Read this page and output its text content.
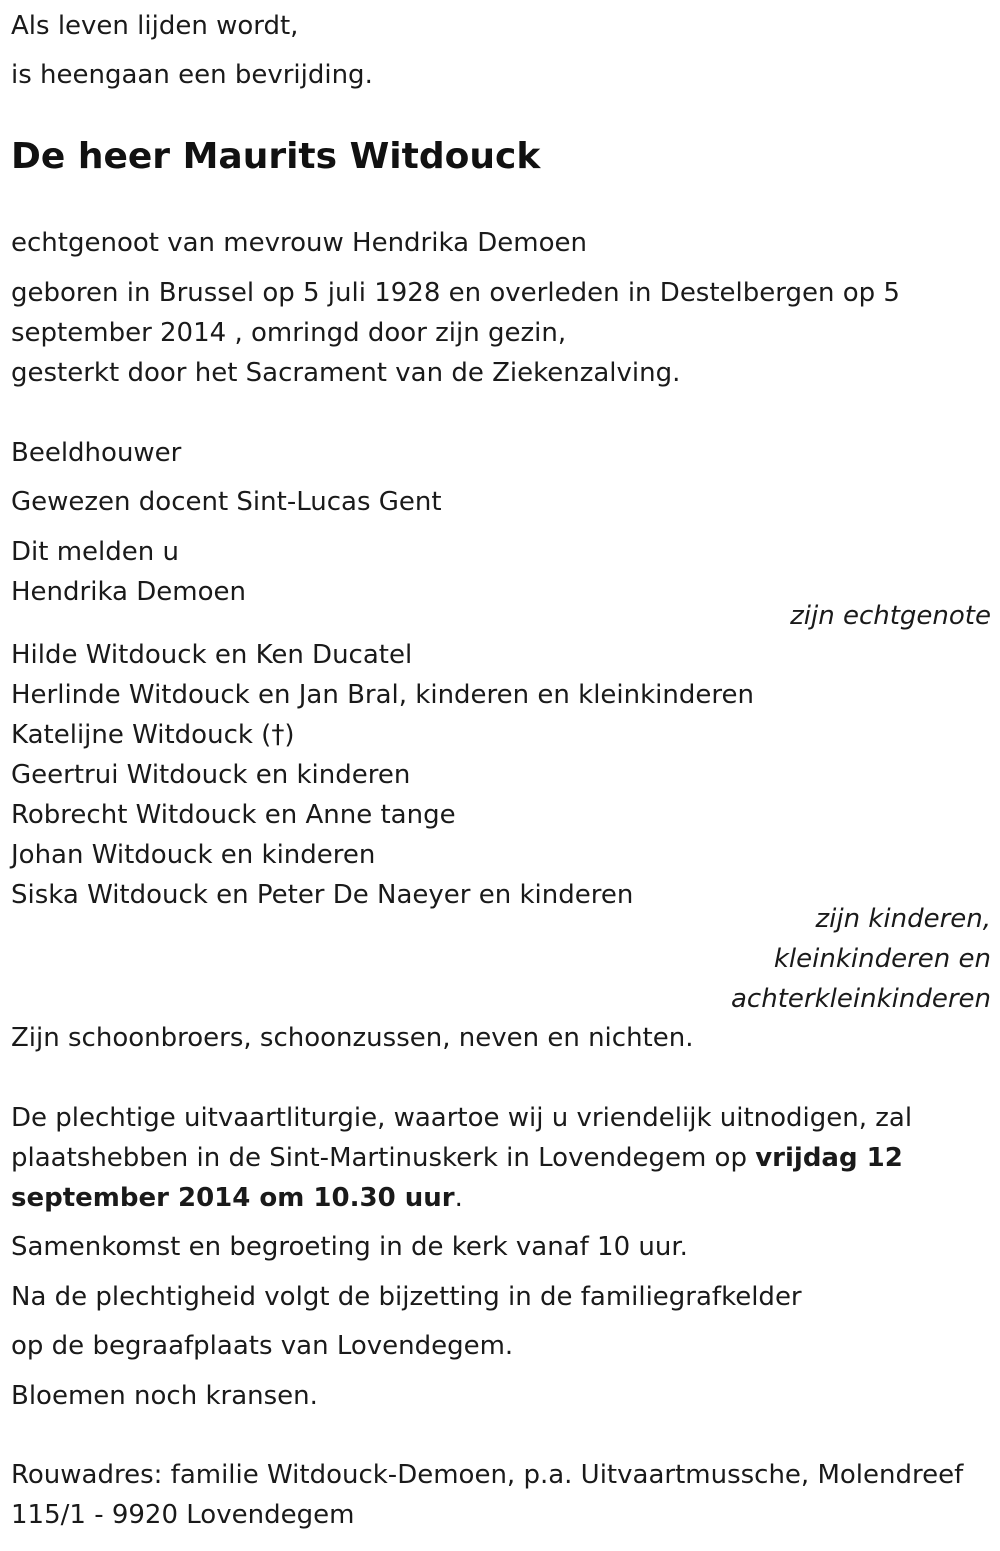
Als leven lijden wordt,
is heengaan een bevrijding.
De heer Maurits Witdouck
echtgenoot van mevrouw Hendrika Demoen
geboren in Brussel op 5 juli 1928 en overleden in Destelbergen op 5
september 2014 , omringd door zijn gezin,
gesterkt door het Sacrament van de Ziekenzalving.
Beeldhouwer
Gewezen docent Sint-Lucas Gent
Dit melden u
Hendrika Demoen
zijn echtgenote
Hilde Witdouck en Ken Ducatel
Herlinde Witdouck en Jan Bral, kinderen en kleinkinderen
Katelijne Witdouck (†)
Geertrui Witdouck en kinderen
Robrecht Witdouck en Anne tange
Johan Witdouck en kinderen
Siska Witdouck en Peter De Naeyer en kinderen
zijn kinderen,
kleinkinderen en
achterkleinkinderen
Zijn schoonbroers, schoonzussen, neven en nichten.
De plechtige uitvaartliturgie, waartoe wij u vriendelijk uitnodigen, zal
plaatshebben in de Sint-Martinuskerk in Lovendegem op vrijdag 12
september 2014 om 10.30 uur.
Samenkomst en begroeting in de kerk vanaf 10 uur.
Na de plechtigheid volgt de bijzetting in de familiegrafkelder
op de begraafplaats van Lovendegem.
Bloemen noch kransen.
Rouwadres: familie Witdouck-Demoen, p.a. Uitvaartmussche, Molendreef
115/1 - 9920 Lovendegem
